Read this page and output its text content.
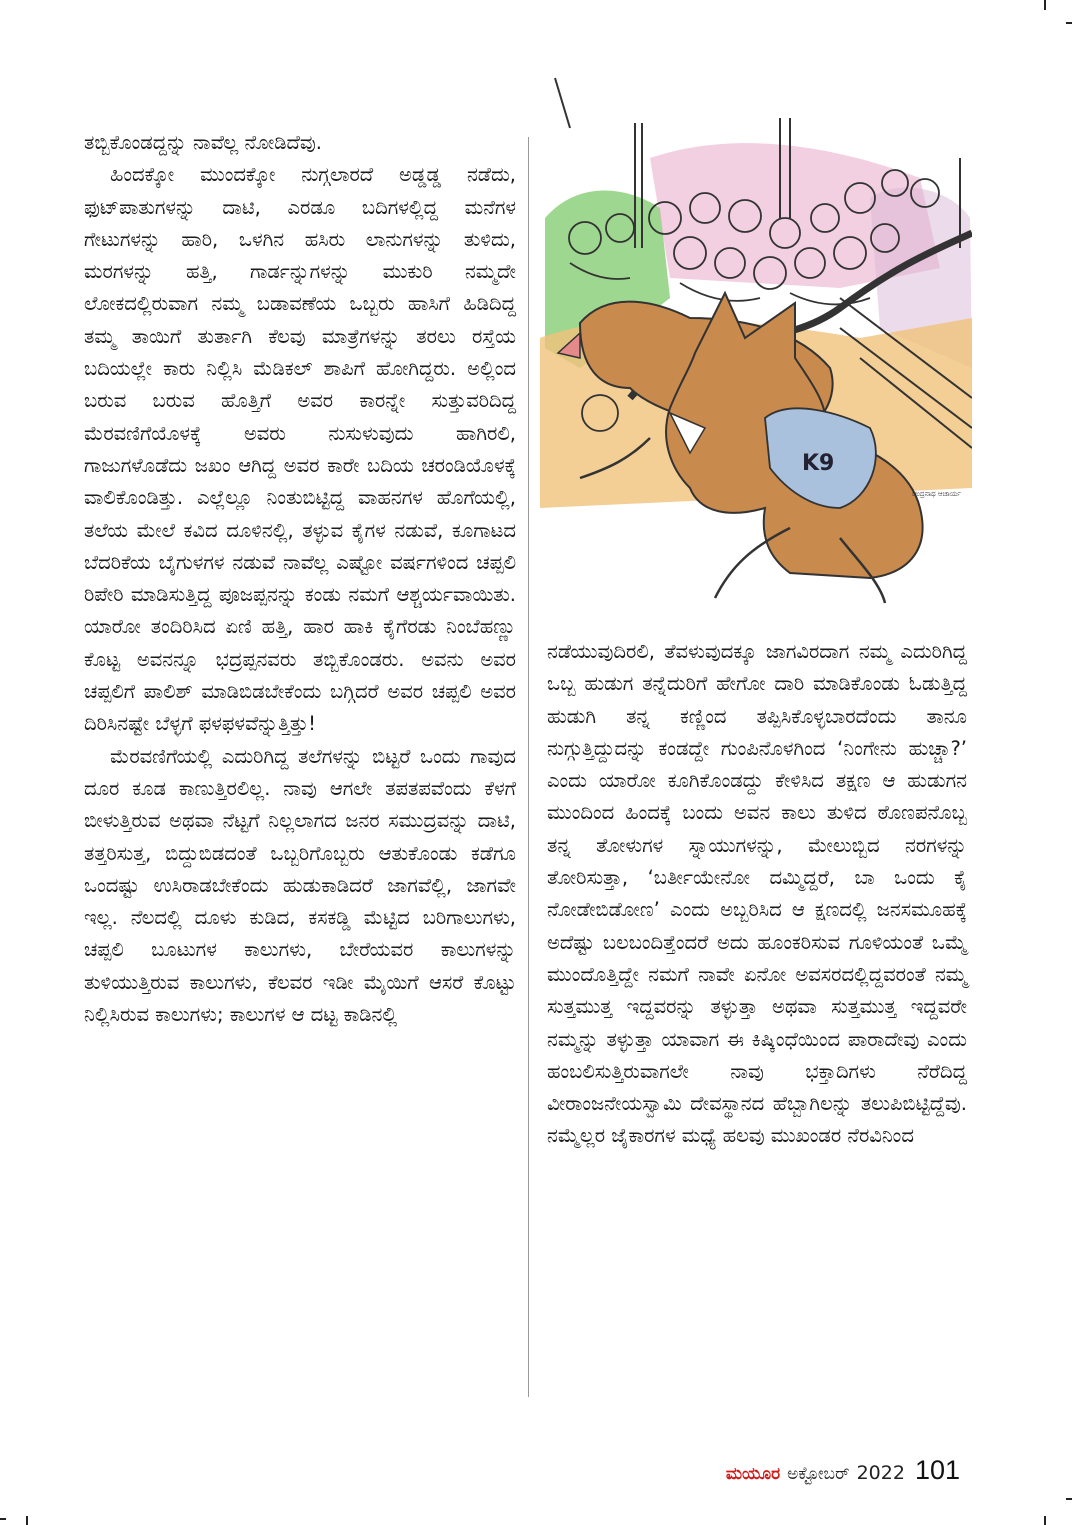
ತಬ್ಬಿಕೊಂಡದ್ದನ್ನು ನಾವೆಲ್ಲ ನೋಡಿದೆವು.

ಹಿಂದಕ್ಕೋ ಮುಂದಕ್ಕೋ ನುಗ್ಗಲಾರದೆ ಅಡ್ಡಡ್ಡ ನಡೆದು, ಫುಟ್‌ಪಾತುಗಳನ್ನು ದಾಟಿ, ಎರಡೂ ಬದಿಗಳಲ್ಲಿದ್ದ ಮನೆಗಳ ಗೇಟುಗಳನ್ನು ಹಾರಿ, ಒಳಗಿನ ಹಸಿರು ಲಾನುಗಳನ್ನು ತುಳಿದು, ಮರಗಳನ್ನು ಹತ್ತಿ, ಗಾರ್ಡನ್ನುಗಳನ್ನು ಮುಕುರಿ ನಮ್ಮದೇ ಲೋಕದಲ್ಲಿರುವಾಗ ನಮ್ಮ ಬಡಾವಣೆಯ ಒಬ್ಬರು ಹಾಸಿಗೆ ಹಿಡಿದಿದ್ದ ತಮ್ಮ ತಾಯಿಗೆ ತುರ್ತಾಗಿ ಕೆಲವು ಮಾತ್ರೆಗಳನ್ನು ತರಲು ರಸ್ತೆಯ ಬದಿಯಲ್ಲೇ ಕಾರು ನಿಲ್ಲಿಸಿ ಮೆಡಿಕಲ್ ಶಾಪಿಗೆ ಹೋಗಿದ್ದರು. ಅಲ್ಲಿಂದ ಬರುವ ಬರುವ ಹೊತ್ತಿಗೆ ಅವರ ಕಾರನ್ನೇ ಸುತ್ತುವರಿದಿದ್ದ ಮೆರವಣಿಗೆಯೊಳಕ್ಕೆ ಅವರು ನುಸುಳುವುದು ಹಾಗಿರಲಿ, ಗಾಜುಗಳೊಡೆದು ಜಖಂ ಆಗಿದ್ದ ಅವರ ಕಾರೇ ಬದಿಯ ಚರಂಡಿಯೊಳಕ್ಕೆ ವಾಲಿಕೊಂಡಿತ್ತು. ಎಲ್ಲೆಲ್ಲೂ ನಿಂತುಬಿಟ್ಟಿದ್ದ ವಾಹನಗಳ ಹೊಗೆಯಲ್ಲಿ, ತಲೆಯ ಮೇಲೆ ಕವಿದ ದೂಳಿನಲ್ಲಿ, ತಳ್ಳುವ ಕೈಗಳ ನಡುವೆ, ಕೂಗಾಟದ ಬೆದರಿಕೆಯ ಬೈಗುಳಗಳ ನಡುವೆ ನಾವೆಲ್ಲ ಎಷ್ಟೋ ವರ್ಷಗಳಿಂದ ಚಪ್ಪಲಿ ರಿಪೇರಿ ಮಾಡಿಸುತ್ತಿದ್ದ ಪೂಜಪ್ಪನನ್ನು ಕಂಡು ನಮಗೆ ಆಶ್ಚರ್ಯವಾಯಿತು. ಯಾರೋ ತಂದಿರಿಸಿದ ಏಣಿ ಹತ್ತಿ, ಹಾರ ಹಾಕಿ ಕೈಗೆರಡು ನಿಂಬೆಹಣ್ಣು ಕೊಟ್ಟ ಅವನನ್ನೂ ಭದ್ರಪ್ಪನವರು ತಬ್ಬಿಕೊಂಡರು. ಅವನು ಅವರ ಚಪ್ಪಲಿಗೆ ಪಾಲಿಶ್ ಮಾಡಿಬಿಡಬೇಕೆಂದು ಬಗ್ಗಿದರೆ ಅವರ ಚಪ್ಪಲಿ ಅವರ ದಿರಿಸಿನಷ್ಟೇ ಬೆಳ್ಳಗೆ ಫಳಫಳವೆನ್ನುತ್ತಿತ್ತು!

ಮೆರವಣಿಗೆಯಲ್ಲಿ ಎದುರಿಗಿದ್ದ ತಲೆಗಳನ್ನು ಬಿಟ್ಟರೆ ಒಂದು ಗಾವುದ ದೂರ ಕೂಡ ಕಾಣುತ್ತಿರಲಿಲ್ಲ. ನಾವು ಆಗಲೇ ತಪತಪವೆಂದು ಕೆಳಗೆ ಬೀಳುತ್ತಿರುವ ಅಥವಾ ನೆಟ್ಟಗೆ ನಿಲ್ಲಲಾಗದ ಜನರ ಸಮುದ್ರವನ್ನು ದಾಟಿ, ತತ್ತರಿಸುತ್ತ, ಬಿದ್ದುಬಿಡದಂತೆ ಒಬ್ಬರಿಗೊಬ್ಬರು ಆತುಕೊಂಡು ಕಡೆಗೂ ಒಂದಷ್ಟು ಉಸಿರಾಡಬೇಕೆಂದು ಹುಡುಕಾಡಿದರೆ ಜಾಗವೆಲ್ಲಿ, ಜಾಗವೇ ಇಲ್ಲ. ನೆಲದಲ್ಲಿ ದೂಳು ಕುಡಿದ, ಕಸಕಡ್ಡಿ ಮೆಟ್ಟಿದ ಬರಿಗಾಲುಗಳು, ಚಪ್ಪಲಿ ಬೂಟುಗಳ ಕಾಲುಗಳು, ಬೇರೆಯವರ ಕಾಲುಗಳನ್ನು ತುಳಿಯುತ್ತಿರುವ ಕಾಲುಗಳು, ಕೆಲವರ ಇಡೀ ಮೈಯಿಗೆ ಆಸರೆ ಕೊಟ್ಟು ನಿಲ್ಲಿಸಿರುವ ಕಾಲುಗಳು; ಕಾಲುಗಳ ಆ ದಟ್ಟ ಕಾಡಿನಲ್ಲಿ

K9
ಚಂದ್ರನಾಥ ಆಚಾರ್ಯ

ನಡೆಯುವುದಿರಲಿ, ತೆವಳುವುದಕ್ಕೂ ಜಾಗವಿರದಾಗ ನಮ್ಮ ಎದುರಿಗಿದ್ದ ಒಬ್ಬ ಹುಡುಗ ತನ್ನೆದುರಿಗೆ ಹೇಗೋ ದಾರಿ ಮಾಡಿಕೊಂಡು ಓಡುತ್ತಿದ್ದ ಹುಡುಗಿ ತನ್ನ ಕಣ್ಣಿಂದ ತಪ್ಪಿಸಿಕೊಳ್ಳಬಾರದೆಂದು ತಾನೂ ನುಗ್ಗುತ್ತಿದ್ದುದನ್ನು ಕಂಡದ್ದೇ ಗುಂಪಿನೊಳಗಿಂದ ‘ನಿಂಗೇನು ಹುಚ್ಚಾ?’ ಎಂದು ಯಾರೋ ಕೂಗಿಕೊಂಡದ್ದು ಕೇಳಿಸಿದ ತಕ್ಷಣ ಆ ಹುಡುಗನ ಮುಂದಿಂದ ಹಿಂದಕ್ಕೆ ಬಂದು ಅವನ ಕಾಲು ತುಳಿದ ಠೊಣಪನೊಬ್ಬ ತನ್ನ ತೋಳುಗಳ ಸ್ನಾಯುಗಳನ್ನು, ಮೇಲುಬ್ಬಿದ ನರಗಳನ್ನು ತೋರಿಸುತ್ತಾ, ‘ಬರ್ತೀಯೇನೋ ದಮ್ಮಿದ್ದರೆ, ಬಾ ಒಂದು ಕೈ ನೋಡೇಬಿಡೋಣ’ ಎಂದು ಅಬ್ಬರಿಸಿದ ಆ ಕ್ಷಣದಲ್ಲಿ ಜನಸಮೂಹಕ್ಕೆ ಅದೆಷ್ಟು ಬಲಬಂದಿತ್ತೆಂದರೆ ಅದು ಹೂಂಕರಿಸುವ ಗೂಳಿಯಂತೆ ಒಮ್ಮೆ ಮುಂದೊತ್ತಿದ್ದೇ ನಮಗೆ ನಾವೇ ಏನೋ ಅವಸರದಲ್ಲಿದ್ದವರಂತೆ ನಮ್ಮ ಸುತ್ತಮುತ್ತ ಇದ್ದವರನ್ನು ತಳ್ಳುತ್ತಾ ಅಥವಾ ಸುತ್ತಮುತ್ತ ಇದ್ದವರೇ ನಮ್ಮನ್ನು ತಳ್ಳುತ್ತಾ ಯಾವಾಗ ಈ ಕಿಷ್ಕಿಂಧೆಯಿಂದ ಪಾರಾದೇವು ಎಂದು ಹಂಬಲಿಸುತ್ತಿರುವಾಗಲೇ ನಾವು ಭಕ್ತಾದಿಗಳು ನೆರೆದಿದ್ದ ವೀರಾಂಜನೇಯಸ್ವಾಮಿ ದೇವಸ್ಥಾನದ ಹೆಬ್ಬಾಗಿಲನ್ನು ತಲುಪಿಬಿಟ್ಟಿದ್ದೆವು. ನಮ್ಮೆಲ್ಲರ ಜೈಕಾರಗಳ ಮಧ್ಯೆ ಹಲವು ಮುಖಂಡರ ನೆರವಿನಿಂದ

ಮಯೂರ ಅಕ್ಟೋಬರ್ 2022 101
